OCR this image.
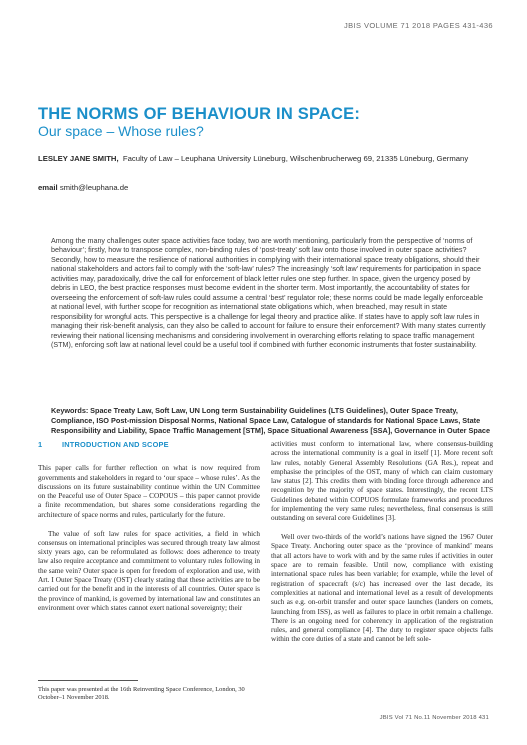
JBIS VOLUME 71 2018 PAGES 431-436
THE NORMS OF BEHAVIOUR IN SPACE:
Our space – Whose rules?
LESLEY JANE SMITH, Faculty of Law – Leuphana University Lüneburg, Wilschenbrucherweg 69, 21335 Lüneburg, Germany
email smith@leuphana.de

Among the many challenges outer space activities face today, two are worth mentioning, particularly from the perspective of ‘norms of behaviour’; firstly, how to transpose complex, non-binding rules of ‘post-treaty’ soft law onto those involved in outer space activities? Secondly, how to measure the resilience of national authorities in complying with their international space treaty obligations, should their national stakeholders and actors fail to comply with the ‘soft-law’ rules? The increasingly ‘soft law’ requirements for participation in space activities may, paradoxically, drive the call for enforcement of black letter rules one step further. In space, given the urgency posed by debris in LEO, the best practice responses must become evident in the shorter term. Most importantly, the accountability of states for overseeing the enforcement of soft-law rules could assume a central ‘best’ regulator role; these norms could be made legally enforceable at national level, with further scope for recognition as international state obligations which, when breached, may result in state responsibility for wrongful acts. This perspective is a challenge for legal theory and practice alike. If states have to apply soft law rules in managing their risk-benefit analysis, can they also be called to account for failure to ensure their enforcement? With many states currently reviewing their national licensing mechanisms and considering involvement in overarching efforts relating to space traffic management (STM), enforcing soft law at national level could be a useful tool if combined with further economic instruments that foster sustainability.

Keywords: Space Treaty Law, Soft Law, UN Long term Sustainability Guidelines (LTS Guidelines), Outer Space Treaty, Compliance, ISO Post-mission Disposal Norms, National Space Law, Catalogue of standards for National Space Laws, State Responsibility and Liability, Space Traffic Management [STM], Space Situational Awareness [SSA], Governance in Outer Space

1	INTRODUCTION AND SCOPE

This paper calls for further reflection on what is now required from governments and stakeholders in regard to ‘our space – whose rules’. As the discussions on its future sustainability continue within the UN Committee on the Peaceful use of Outer Space – COPOUS – this paper cannot provide a finite recommendation, but shares some considerations regarding the architecture of space norms and rules, particularly for the future.

The value of soft law rules for space activities, a field in which consensus on international principles was secured through treaty law almost sixty years ago, can be reformulated as follows: does adherence to treaty law also require acceptance and commitment to voluntary rules following in the same vein? Outer space is open for freedom of exploration and use, with Art. I Outer Space Treaty (OST) clearly stating that these activities are to be carried out for the benefit and in the interests of all countries. Outer space is the province of mankind, is governed by international law and constitutes an environment over which states cannot exert national sovereignty; their

activities must conform to international law, where consensus-building across the international community is a goal in itself [1]. More recent soft law rules, notably General Assembly Resolutions (GA Res.), repeat and emphasise the principles of the OST, many of which can claim customary law status [2]. This credits them with binding force through adherence and recognition by the majority of space states. Interestingly, the recent LTS Guidelines debated within COPUOS formulate frameworks and procedures for implementing the very same rules; nevertheless, final consensus is still outstanding on several core Guidelines [3].

Well over two-thirds of the world’s nations have signed the 1967 Outer Space Treaty. Anchoring outer space as the ‘province of mankind’ means that all actors have to work with and by the same rules if activities in outer space are to remain feasible. Until now, compliance with existing international space rules has been variable; for example, while the level of registration of spacecraft (s/c) has increased over the last decade, its complexities at national and international level as a result of developments such as e.g. on-orbit transfer and outer space launches (landers on comets, launching from ISS), as well as failures to place in orbit remain a challenge. There is an ongoing need for coherency in application of the registration rules, and general compliance [4]. The duty to register space objects falls within the core duties of a state and cannot be left sole-

This paper was presented at the 16th Reinventing Space Conference, London, 30 October–1 November 2018.
JBIS Vol 71 No.11 November 2018 431
